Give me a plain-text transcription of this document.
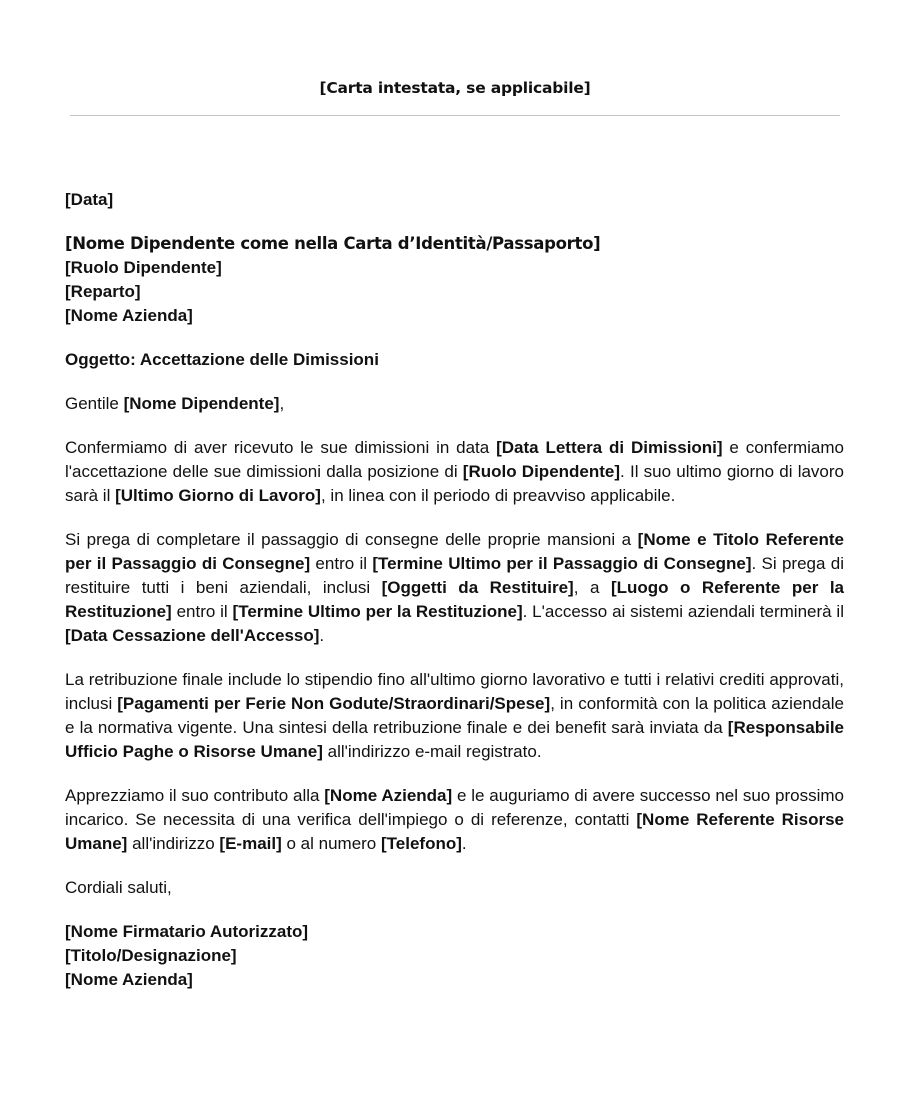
[Carta intestata, se applicabile]

[Data]

[Nome Dipendente come nella Carta d’Identità/Passaporto]
[Ruolo Dipendente]
[Reparto]
[Nome Azienda]

Oggetto: Accettazione delle Dimissioni

Gentile [Nome Dipendente],

Confermiamo di aver ricevuto le sue dimissioni in data [Data Lettera di Dimissioni] e confermiamo l'accettazione delle sue dimissioni dalla posizione di [Ruolo Dipendente]. Il suo ultimo giorno di lavoro sarà il [Ultimo Giorno di Lavoro], in linea con il periodo di preavviso applicabile.

Si prega di completare il passaggio di consegne delle proprie mansioni a [Nome e Titolo Referente per il Passaggio di Consegne] entro il [Termine Ultimo per il Passaggio di Consegne]. Si prega di restituire tutti i beni aziendali, inclusi [Oggetti da Restituire], a [Luogo o Referente per la Restituzione] entro il [Termine Ultimo per la Restituzione]. L'accesso ai sistemi aziendali terminerà il [Data Cessazione dell'Accesso].

La retribuzione finale include lo stipendio fino all'ultimo giorno lavorativo e tutti i relativi crediti approvati, inclusi [Pagamenti per Ferie Non Godute/Straordinari/Spese], in conformità con la politica aziendale e la normativa vigente. Una sintesi della retribuzione finale e dei benefit sarà inviata da [Responsabile Ufficio Paghe o Risorse Umane] all'indirizzo e-mail registrato.

Apprezziamo il suo contributo alla [Nome Azienda] e le auguriamo di avere successo nel suo prossimo incarico. Se necessita di una verifica dell'impiego o di referenze, contatti [Nome Referente Risorse Umane] all'indirizzo [E-mail] o al numero [Telefono].

Cordiali saluti,

[Nome Firmatario Autorizzato]
[Titolo/Designazione]
[Nome Azienda]
